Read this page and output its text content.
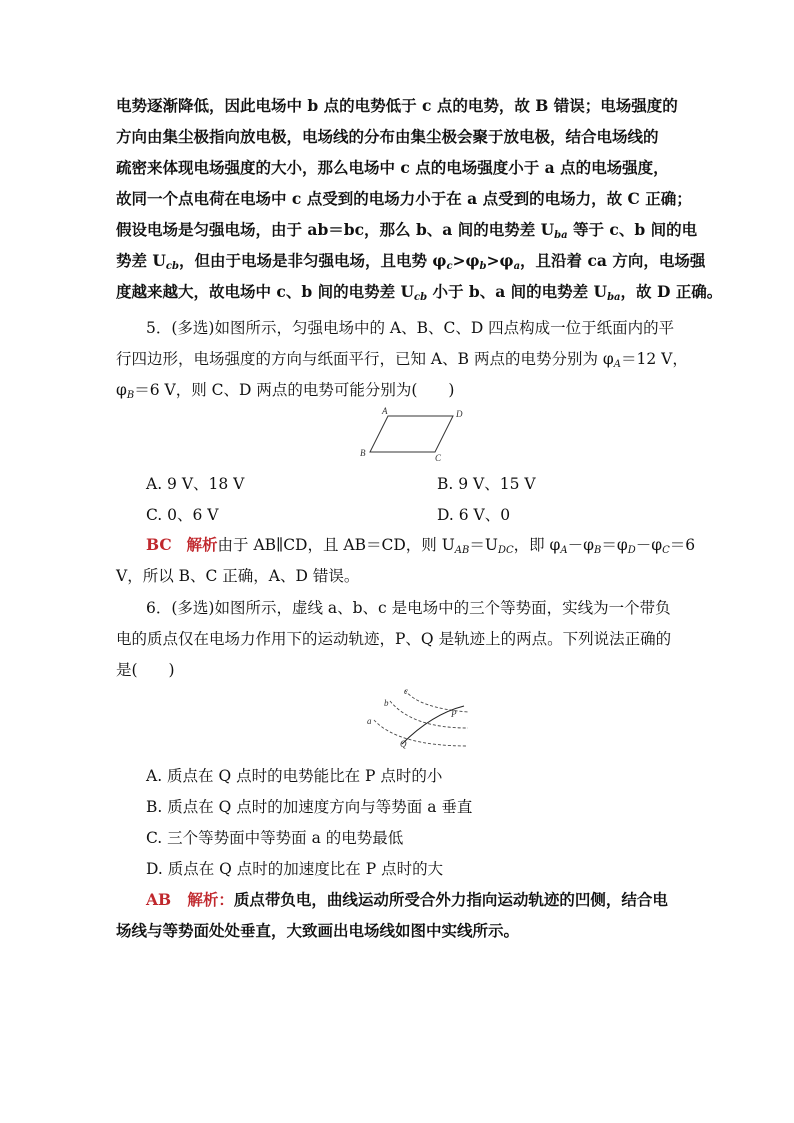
电势逐渐降低，因此电场中 b 点的电势低于 c 点的电势，故 B 错误；电场强度的
方向由集尘极指向放电极，电场线的分布由集尘极会聚于放电极，结合电场线的
疏密来体现电场强度的大小，那么电场中 c 点的电场强度小于 a 点的电场强度，
故同一个点电荷在电场中 c 点受到的电场力小于在 a 点受到的电场力，故 C 正确；
假设电场是匀强电场，由于 ab＝bc，那么 b、a 间的电势差 $U_{ba}$ 等于 c、b 间的电
势差 $U_{cb}$，但由于电场是非匀强电场，且电势 $\varphi_c>\varphi_b>\varphi_a$，且沿着 ca 方向，电场强
度越来越大，故电场中 c、b 间的电势差 $U_{cb}$ 小于 b、a 间的电势差 $U_{ba}$，故 D 正确。
5．(多选)如图所示，匀强电场中的 A、B、C、D 四点构成一位于纸面内的平
行四边形，电场强度的方向与纸面平行，已知 A、B 两点的电势分别为 $\varphi_A=12$ V，
$\varphi_B=6$ V，则 C、D 两点的电势可能分别为(　　)
A	D
B	C
A. 9 V、18 V	B. 9 V、15 V
C. 0、6 V	D. 6 V、0
BC 解析由于 AB∥CD，且 AB＝CD，则 $U_{AB}=U_{DC}$，即 $\varphi_A-\varphi_B=\varphi_D-\varphi_C=6$
V，所以 B、C 正确，A、D 错误。
6．(多选)如图所示，虚线 a、b、c 是电场中的三个等势面，实线为一个带负
电的质点仅在电场力作用下的运动轨迹，P、Q 是轨迹上的两点。下列说法正确的
是(　　)
c
b
a
P
Q
A. 质点在 Q 点时的电势能比在 P 点时的小
B. 质点在 Q 点时的加速度方向与等势面 a 垂直
C. 三个等势面中等势面 a 的电势最低
D. 质点在 Q 点时的加速度比在 P 点时的大
AB 解析：质点带负电，曲线运动所受合外力指向运动轨迹的凹侧，结合电
场线与等势面处处垂直，大致画出电场线如图中实线所示。
